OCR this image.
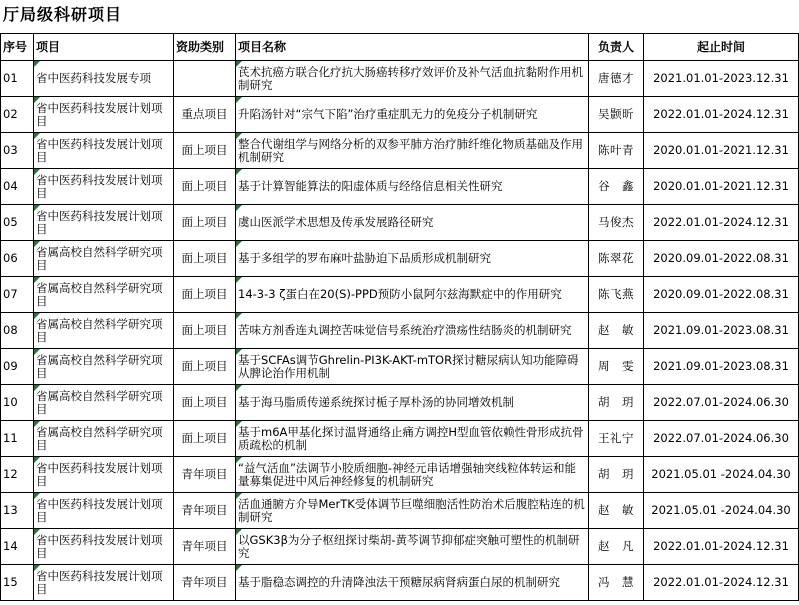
厅局级科研项目
序号	项目	资助类别	项目名称	负责人	起止时间
01	省中医药科技发展专项		芪术抗癌方联合化疗抗大肠癌转移疗效评价及补气活血抗黏附作用机制研究	唐德才	2021.01.01-2023.12.31
02	省中医药科技发展计划项目	重点项目	升陷汤针对“宗气下陷”治疗重症肌无力的免疫分子机制研究	吴颢昕	2022.01.01-2024.12.31
03	省中医药科技发展计划项目	面上项目	整合代谢组学与网络分析的双参平肺方治疗肺纤维化物质基础及作用机制研究	陈叶青	2020.01.01-2021.12.31
04	省中医药科技发展计划项目	面上项目	基于计算智能算法的阳虚体质与经络信息相关性研究	谷　鑫	2020.01.01-2021.12.31
05	省中医药科技发展计划项目	面上项目	虞山医派学术思想及传承发展路径研究	马俊杰	2022.01.01-2024.12.31
06	省属高校自然科学研究项目	面上项目	基于多组学的罗布麻叶盐胁迫下品质形成机制研究	陈翠花	2020.09.01-2022.08.31
07	省属高校自然科学研究项目	面上项目	14-3-3 ζ蛋白在20(S)-PPD预防小鼠阿尔兹海默症中的作用研究	陈飞燕	2020.09.01-2022.08.31
08	省属高校自然科学研究项目	面上项目	苦味方剂香连丸调控苦味觉信号系统治疗溃疡性结肠炎的机制研究	赵　敏	2021.09.01-2023.08.31
09	省属高校自然科学研究项目	面上项目	基于SCFAs调节Ghrelin-PI3K-AKT-mTOR探讨糖尿病认知功能障碍从脾论治作用机制	周　雯	2021.09.01-2023.08.31
10	省属高校自然科学研究项目	面上项目	基于海马脂质传递系统探讨栀子厚朴汤的协同增效机制	胡　玥	2022.07.01-2024.06.30
11	省属高校自然科学研究项目	面上项目	基于m6A甲基化探讨温肾通络止痛方调控H型血管依赖性骨形成抗骨质疏松的机制	王礼宁	2022.07.01-2024.06.30
12	省中医药科技发展计划项目	青年项目	“益气活血”法调节小胶质细胞-神经元串话增强轴突线粒体转运和能量募集促进中风后神经修复的机制研究	胡　玥	2021.05.01 -2024.04.30
13	省中医药科技发展计划项目	青年项目	活血通腑方介导MerTK受体调节巨噬细胞活性防治术后腹腔粘连的机制研究	赵　敏	2021.05.01 -2024.04.30
14	省中医药科技发展计划项目	青年项目	以GSK3β为分子枢纽探讨柴胡-黄芩调节抑郁症突触可塑性的机制研究	赵　凡	2022.01.01-2024.12.31
15	省中医药科技发展计划项目	青年项目	基于脂稳态调控的升清降浊法干预糖尿病肾病蛋白尿的机制研究	冯　慧	2022.01.01-2024.12.31
